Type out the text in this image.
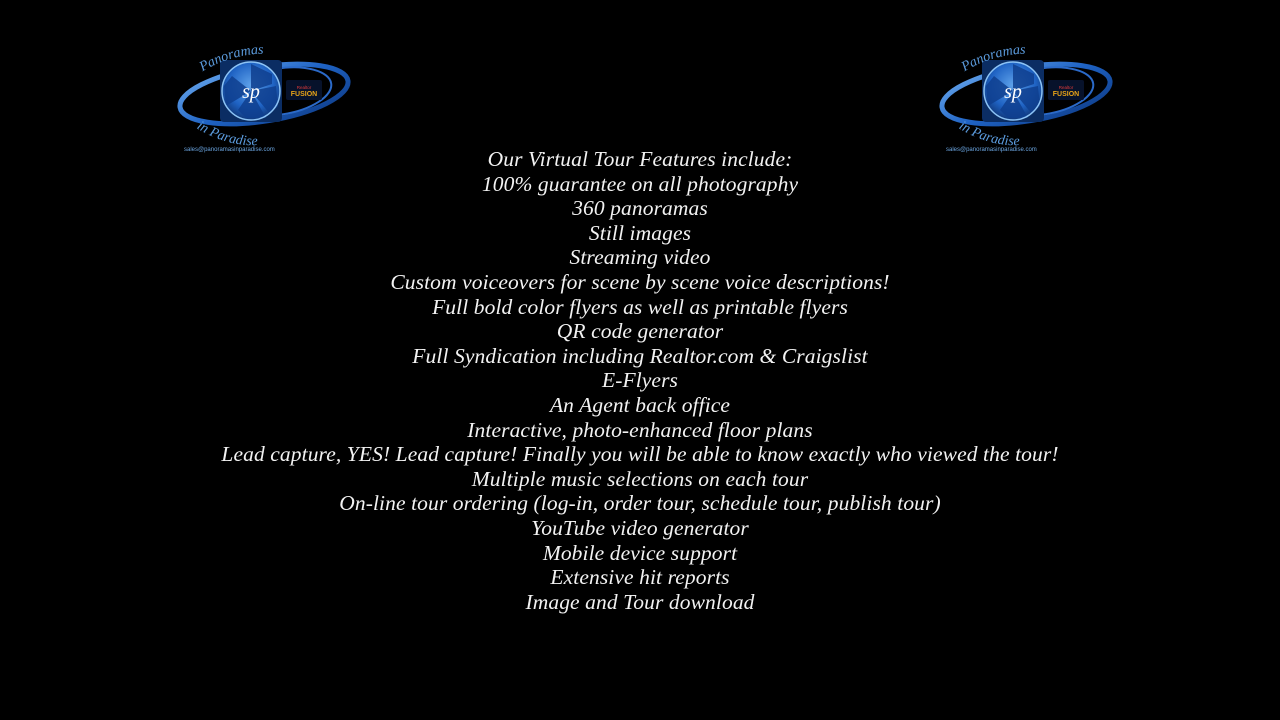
sp	Realtor
FUSION
Panoramas
in Paradise
sales@panoramasinparadise.com
sp	Realtor
FUSION
Panoramas
in Paradise
sales@panoramasinparadise.com
Our Virtual Tour Features include:
100% guarantee on all photography
360 panoramas
Still images
Streaming video
Custom voiceovers for scene by scene voice descriptions!
Full bold color flyers as well as printable flyers
QR code generator
Full Syndication including Realtor.com & Craigslist
E-Flyers
An Agent back office
Interactive, photo-enhanced floor plans
Lead capture, YES! Lead capture! Finally you will be able to know exactly who viewed the tour!
Multiple music selections on each tour
On-line tour ordering (log-in, order tour, schedule tour, publish tour)
YouTube video generator
Mobile device support
Extensive hit reports
Image and Tour download
